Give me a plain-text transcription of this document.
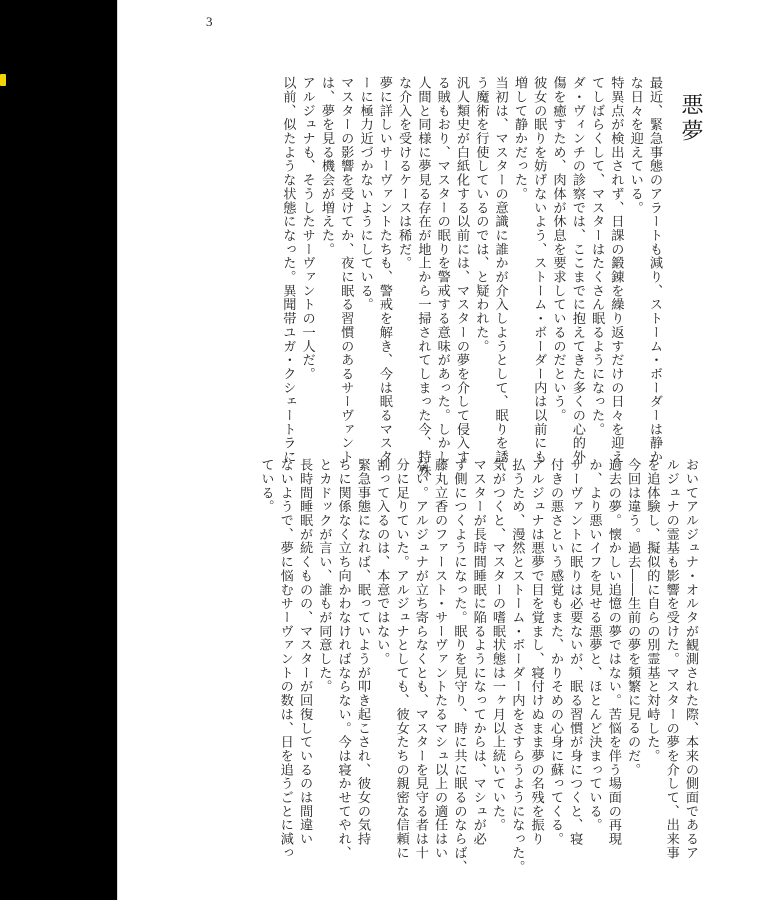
3
悪夢
最近、緊急事態のアラートも減り、ストーム・ボーダーは静か
な日々を迎えている。
特異点が検出されず、日課の鍛錬を繰り返すだけの日々を迎え
てしばらくして、マスターはたくさん眠るようになった。
ダ・ヴィンチの診察では、ここまでに抱えてきた多くの心的外
傷を癒すため、肉体が休息を要求しているのだという。
彼女の眠りを妨げないよう、ストーム・ボーダー内は以前にも
増して静かだった。
当初は、マスターの意識に誰かが介入しようとして、眠りを誘
う魔術を行使しているのでは、と疑われた。
汎人類史が白紙化する以前には、マスターの夢を介して侵入す
る賊もおり、マスターの眠りを警戒する意味があった。しかし
人間と同様に夢見る存在が地上から一掃されてしまった今、特殊
な介入を受けるケースは稀だ。
夢に詳しいサーヴァントたちも、警戒を解き、今は眠るマスタ
ーに極力近づかないようにしている。
マスターの影響を受けてか、夜に眠る習慣のあるサーヴァント
は、夢を見る機会が増えた。
アルジュナも、そうしたサーヴァントの一人だ。
以前、似たような状態になった。異聞帯ユガ・クシェートラに
おいてアルジュナ・オルタが観測された際、本来の側面であるア
ルジュナの霊基も影響を受けた。マスターの夢を介して、出来事
を追体験し、擬似的に自らの別霊基と対峙した。
今回は違う。過去――生前の夢を頻繁に見るのだ。
過去の夢。懐かしい追憶の夢ではない。苦悩を伴う場面の再現
か、より悪いイフを見せる悪夢と、ほとんど決まっている。
サーヴァントに眠りは必要ないが、眠る習慣が身につくと、寝
付きの悪さという感覚もまた、かりそめの心身に蘇ってくる。
アルジュナは悪夢で目を覚まし、寝付けぬまま夢の名残を振り
払うため、漫然とストーム・ボーダー内をさすらうようになった。
気がつくと、マスターの嗜眠状態は一ヶ月以上続いていた。
マスターが長時間睡眠に陥るようになってからは、マシュが必
ず側につくようになった。眠りを見守り、時に共に眠るのならば、
藤丸立香のファースト・サーヴァントたるマシュ以上の適任はい
ない。アルジュナが立ち寄らなくとも、マスターを見守る者は十
分に足りていた。アルジュナとしても、彼女たちの親密な信頼に
割って入るのは、本意ではない。
緊急事態になれば、眠っていようが叩き起こされ、彼女の気持
ちに関係なく立ち向かわなければならない。今は寝かせてやれ、
とカドックが言い、誰もが同意した。
長時間睡眠が続くものの、マスターが回復しているのは間違い
ないようで、夢に悩むサーヴァントの数は、日を追うごとに減っ
ている。
